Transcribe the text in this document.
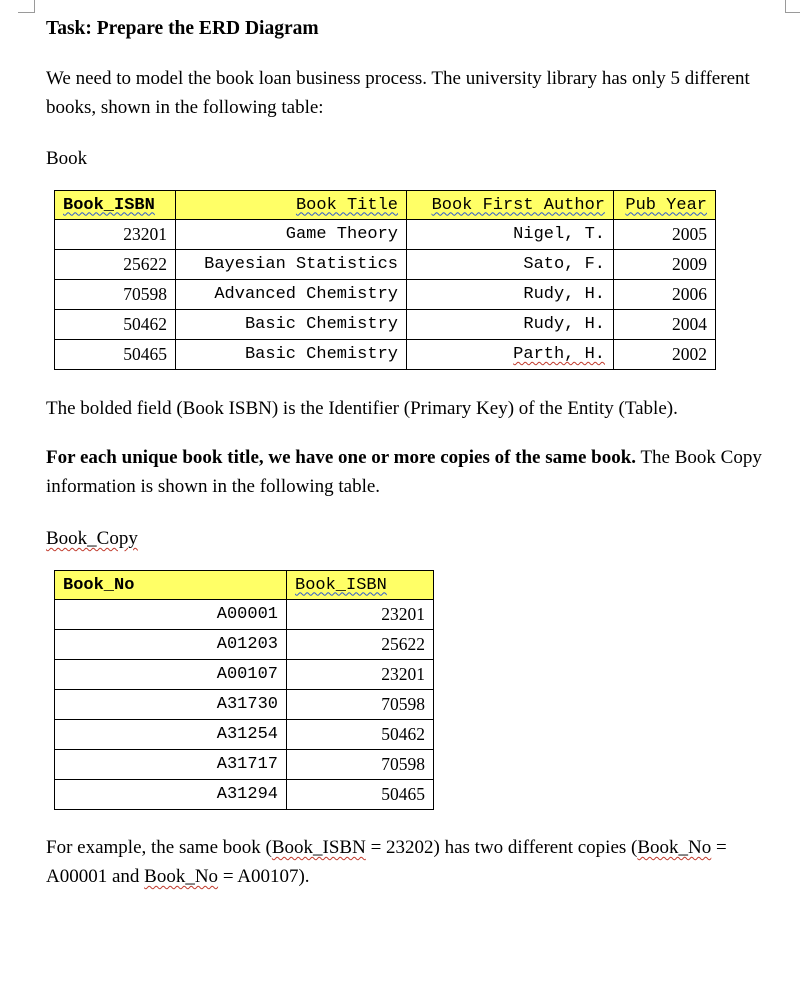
Task: Prepare the ERD Diagram

We need to model the book loan business process. The university library has only 5 different books, shown in the following table:

Book

Book_ISBN	Book Title	Book First Author	Pub Year
23201	Game Theory	Nigel, T.	2005
25622	Bayesian Statistics	Sato, F.	2009
70598	Advanced Chemistry	Rudy, H.	2006
50462	Basic Chemistry	Rudy, H.	2004
50465	Basic Chemistry	Parth, H.	2002

The bolded field (Book ISBN) is the Identifier (Primary Key) of the Entity (Table).

For each unique book title, we have one or more copies of the same book. The Book Copy information is shown in the following table.

Book_Copy

Book_No	Book_ISBN
A00001	23201
A01203	25622
A00107	23201
A31730	70598
A31254	50462
A31717	70598
A31294	50465

For example, the same book (Book_ISBN = 23202) has two different copies (Book_No = A00001 and Book_No = A00107).
